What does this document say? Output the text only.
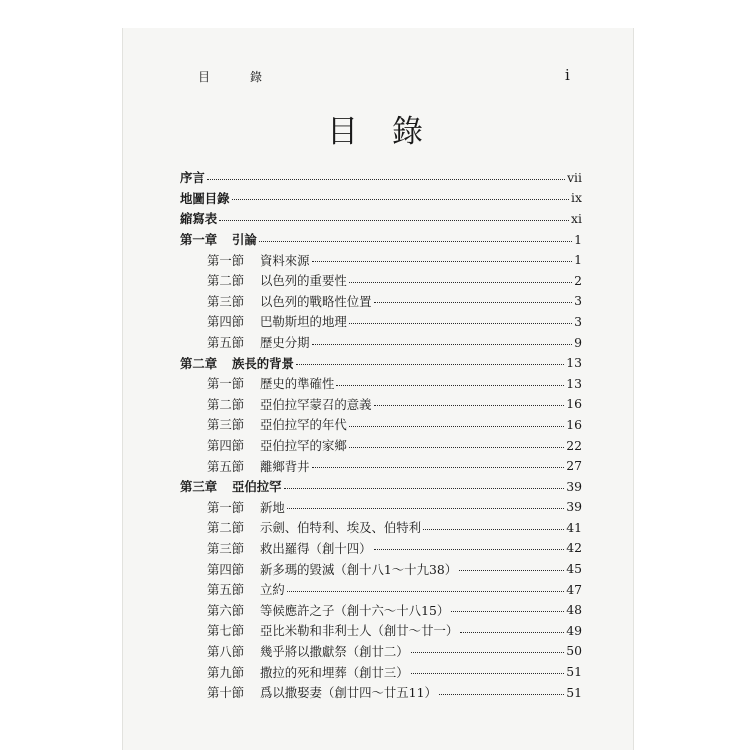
目　錄	i
目錄
序言	vii
地圖目錄	ix
縮寫表	xi
第一章	引論	1
第一節	資料來源	1
第二節	以色列的重要性	2
第三節	以色列的戰略性位置	3
第四節	巴勒斯坦的地理	3
第五節	歷史分期	9
第二章	族長的背景	13
第一節	歷史的準確性	13
第二節	亞伯拉罕蒙召的意義	16
第三節	亞伯拉罕的年代	16
第四節	亞伯拉罕的家鄉	22
第五節	離鄉背井	27
第三章	亞伯拉罕	39
第一節	新地	39
第二節	示劍、伯特利、埃及、伯特利	41
第三節	救出羅得（創十四）	42
第四節	新多瑪的毀滅（創十八1～十九38）	45
第五節	立約	47
第六節	等候應許之子（創十六～十八15）	48
第七節	亞比米勒和非利士人（創廿～廿一）	49
第八節	幾乎將以撒獻祭（創廿二）	50
第九節	撒拉的死和埋葬（創廿三）	51
第十節	爲以撒娶妻（創廿四～廿五11）	51
